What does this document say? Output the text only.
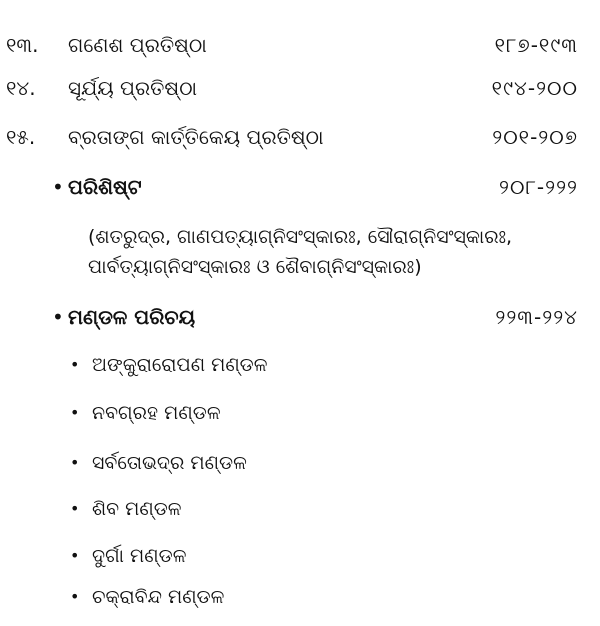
୧୩. ଗଣେଶ ପ୍ରତିଷ୍ଠା	୧୮୭-୧୯୩
୧୪. ସୂର୍ଯ୍ୟ ପ୍ରତିଷ୍ଠା	୧୯୪-୨୦୦
୧୫. ବ୍ରତାଙ୍ଗ କାର୍ତ୍ତିକେୟ ପ୍ରତିଷ୍ଠା	୨୦୧-୨୦୭
• ପରିଶିଷ୍ଟ	୨୦୮-୨୨୨
(ଶତରୁଦ୍ର, ଗାଣପତ୍ୟାଗ୍ନିସଂସ୍କାରଃ, ସୌରାଗ୍ନିସଂସ୍କାରଃ,
ପାର୍ବତ୍ୟାଗ୍ନିସଂସ୍କାରଃ ଓ ଶୈବାଗ୍ନିସଂସ୍କାରଃ)
• ମଣ୍ଡଳ ପରିଚୟ	୨୨୩-୨୨୪
• ଅଙ୍କୁରାରୋପଣ ମଣ୍ଡଳ
• ନବଗ୍ରହ ମଣ୍ଡଳ
• ସର୍ବତୋଭଦ୍ର ମଣ୍ଡଳ
• ଶିବ ମଣ୍ଡଳ
• ଦୁର୍ଗା ମଣ୍ଡଳ
• ଚକ୍ରାବିନ୍ଦ ମଣ୍ଡଳ
